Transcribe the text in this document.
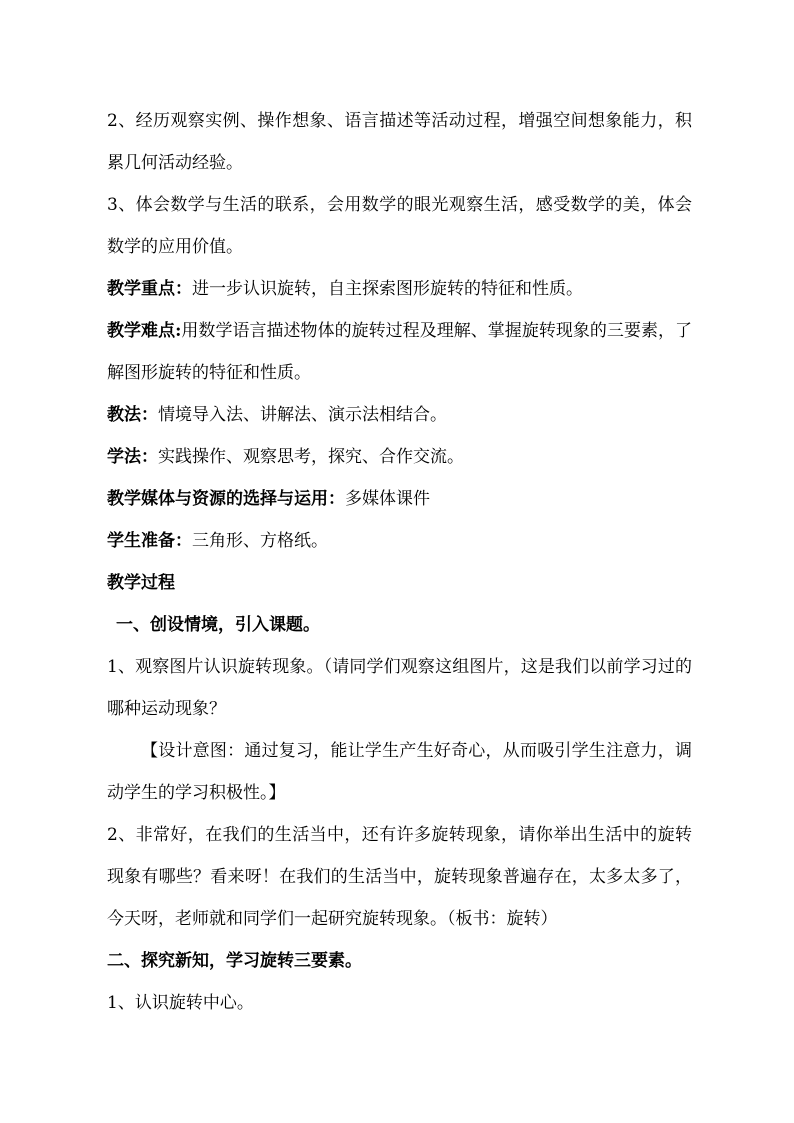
2、经历观察实例、操作想象、语言描述等活动过程，增强空间想象能力，积累几何活动经验。

3、体会数学与生活的联系，会用数学的眼光观察生活，感受数学的美，体会数学的应用价值。

教学重点：进一步认识旋转，自主探索图形旋转的特征和性质。

教学难点:用数学语言描述物体的旋转过程及理解、掌握旋转现象的三要素，了解图形旋转的特征和性质。

教法：情境导入法、讲解法、演示法相结合。

学法：实践操作、观察思考，探究、合作交流。

教学媒体与资源的选择与运用：多媒体课件

学生准备：三角形、方格纸。

教学过程

一、创设情境，引入课题。

1、观察图片认识旋转现象。（请同学们观察这组图片，这是我们以前学习过的哪种运动现象？

【设计意图：通过复习，能让学生产生好奇心，从而吸引学生注意力，调动学生的学习积极性。】

2、非常好，在我们的生活当中，还有许多旋转现象，请你举出生活中的旋转现象有哪些？看来呀！在我们的生活当中，旋转现象普遍存在，太多太多了，今天呀，老师就和同学们一起研究旋转现象。（板书：旋转）

二、探究新知，学习旋转三要素。

1、认识旋转中心。
